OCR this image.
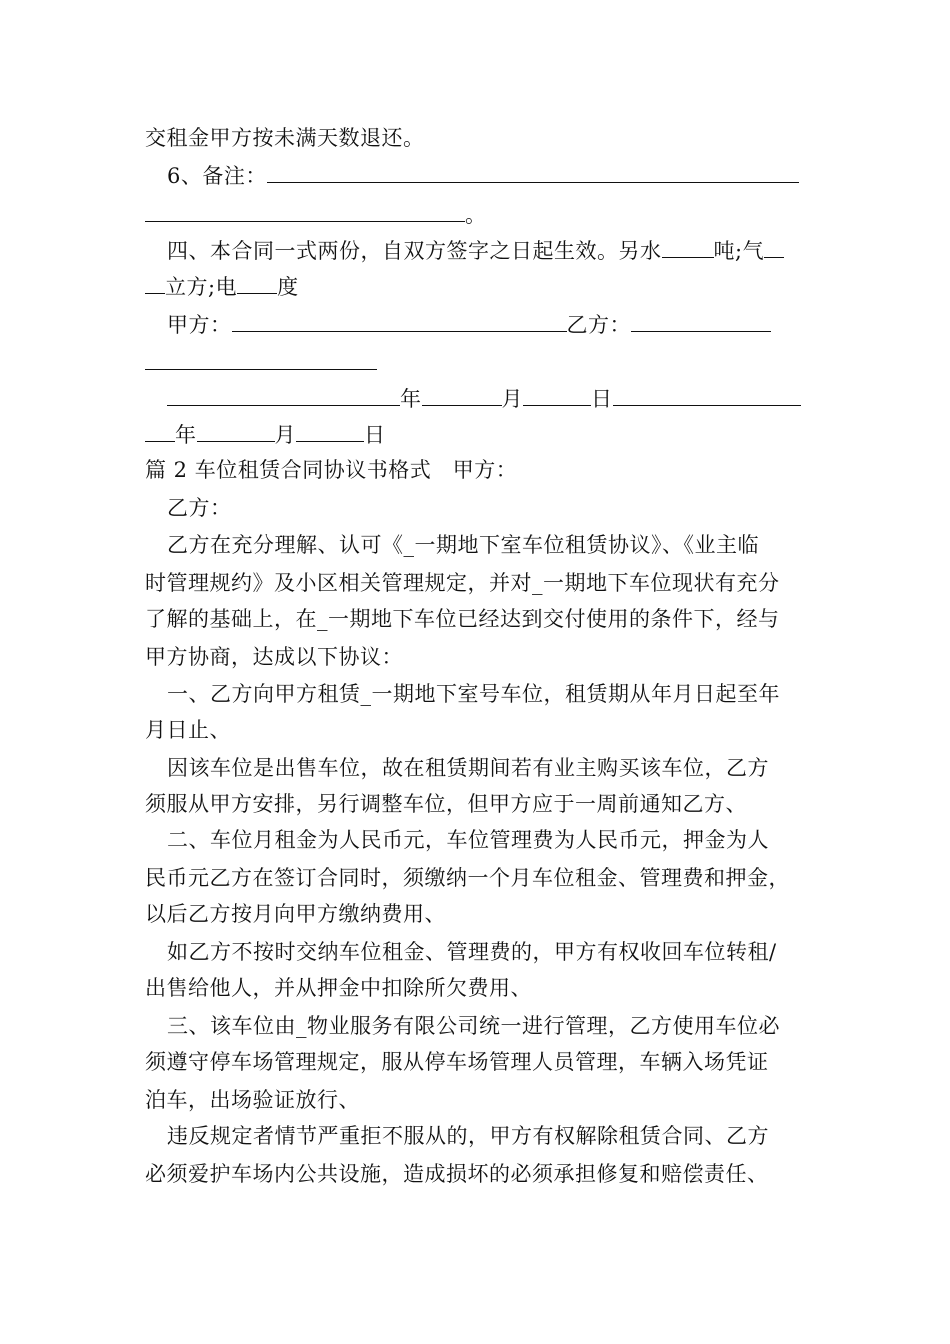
交租金甲方按未满天数退还。
6、备注：
。
四、本合同一式两份，自双方签字之日起生效。另水 吨;气
立方;电 度
甲方：	乙方：
年	月	日
年	月	日
篇 2 车位租赁合同协议书格式　甲方：
乙方：
乙方在充分理解、认可《_一期地下室车位租赁协议》、《业主临
时管理规约》及小区相关管理规定，并对_一期地下车位现状有充分
了解的基础上，在_一期地下车位已经达到交付使用的条件下，经与
甲方协商，达成以下协议：
一、乙方向甲方租赁_一期地下室号车位，租赁期从年月日起至年
月日止、
因该车位是出售车位，故在租赁期间若有业主购买该车位，乙方
须服从甲方安排，另行调整车位，但甲方应于一周前通知乙方、
二、车位月租金为人民币元，车位管理费为人民币元，押金为人
民币元乙方在签订合同时，须缴纳一个月车位租金、管理费和押金，
以后乙方按月向甲方缴纳费用、
如乙方不按时交纳车位租金、管理费的，甲方有权收回车位转租/
出售给他人，并从押金中扣除所欠费用、
三、该车位由_物业服务有限公司统一进行管理，乙方使用车位必
须遵守停车场管理规定，服从停车场管理人员管理，车辆入场凭证
泊车，出场验证放行、
违反规定者情节严重拒不服从的，甲方有权解除租赁合同、乙方
必须爱护车场内公共设施，造成损坏的必须承担修复和赔偿责任、
